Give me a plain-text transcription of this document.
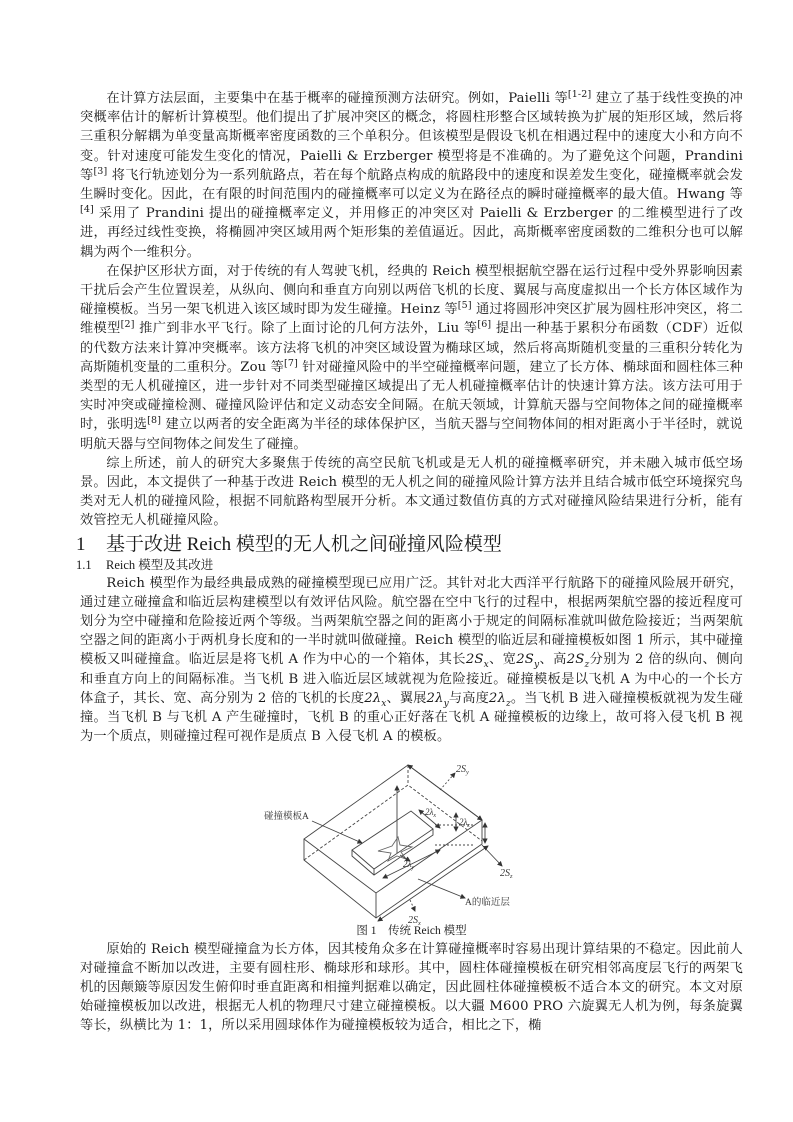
在计算方法层面，主要集中在基于概率的碰撞预测方法研究。例如，Paielli 等[1-2] 建立了基于线性变换的冲突概率估计的解析计算模型。他们提出了扩展冲突区的概念，将圆柱形整合区域转换为扩展的矩形区域，然后将三重积分解耦为单变量高斯概率密度函数的三个单积分。但该模型是假设飞机在相遇过程中的速度大小和方向不变。针对速度可能发生变化的情况，Paielli & Erzberger 模型将是不准确的。为了避免这个问题，Prandini 等[3] 将飞行轨迹划分为一系列航路点，若在每个航路点构成的航路段中的速度和误差发生变化，碰撞概率就会发生瞬时变化。因此，在有限的时间范围内的碰撞概率可以定义为在路径点的瞬时碰撞概率的最大值。Hwang 等[4] 采用了 Prandini 提出的碰撞概率定义，并用修正的冲突区对 Paielli & Erzberger 的二维模型进行了改进，再经过线性变换，将椭圆冲突区域用两个矩形集的差值逼近。因此，高斯概率密度函数的二维积分也可以解耦为两个一维积分。

在保护区形状方面，对于传统的有人驾驶飞机，经典的 Reich 模型根据航空器在运行过程中受外界影响因素干扰后会产生位置误差，从纵向、侧向和垂直方向别以两倍飞机的长度、翼展与高度虚拟出一个长方体区域作为碰撞模板。当另一架飞机进入该区域时即为发生碰撞。Heinz 等[5] 通过将圆形冲突区扩展为圆柱形冲突区，将二维模型[2] 推广到非水平飞行。除了上面讨论的几何方法外，Liu 等[6] 提出一种基于累积分布函数（CDF）近似的代数方法来计算冲突概率。该方法将飞机的冲突区域设置为椭球区域，然后将高斯随机变量的三重积分转化为高斯随机变量的二重积分。Zou 等[7] 针对碰撞风险中的半空碰撞概率问题，建立了长方体、椭球面和圆柱体三种类型的无人机碰撞区，进一步针对不同类型碰撞区域提出了无人机碰撞概率估计的快速计算方法。该方法可用于实时冲突或碰撞检测、碰撞风险评估和定义动态安全间隔。在航天领域，计算航天器与空间物体之间的碰撞概率时，张明选[8] 建立以两者的安全距离为半径的球体保护区，当航天器与空间物体间的相对距离小于半径时，就说明航天器与空间物体之间发生了碰撞。

综上所述，前人的研究大多聚焦于传统的高空民航飞机或是无人机的碰撞概率研究，并未融入城市低空场景。因此，本文提供了一种基于改进 Reich 模型的无人机之间的碰撞风险计算方法并且结合城市低空环境探究鸟类对无人机的碰撞风险，根据不同航路构型展开分析。本文通过数值仿真的方式对碰撞风险结果进行分析，能有效管控无人机碰撞风险。

1 基于改进 Reich 模型的无人机之间碰撞风险模型
1.1 Reich 模型及其改进

Reich 模型作为最经典最成熟的碰撞模型现已应用广泛。其针对北大西洋平行航路下的碰撞风险展开研究，通过建立碰撞盒和临近层构建模型以有效评估风险。航空器在空中飞行的过程中，根据两架航空器的接近程度可划分为空中碰撞和危险接近两个等级。当两架航空器之间的距离小于规定的间隔标准就叫做危险接近；当两架航空器之间的距离小于两机身长度和的一半时就叫做碰撞。Reich 模型的临近层和碰撞模板如图 1 所示，其中碰撞模板又叫碰撞盒。临近层是将飞机 A 作为中心的一个箱体，其长$2S_x$、宽$2S_y$、高$2S_z$分别为 2 倍的纵向、侧向和垂直方向上的间隔标准。当飞机 B 进入临近层区域就视为危险接近。碰撞模板是以飞机 A 为中心的一个长方体盒子，其长、宽、高分别为 2 倍的飞机的长度$2\lambda_x$、翼展$2\lambda_y$与高度$2\lambda_z$。当飞机 B 进入碰撞模板就视为发生碰撞。当飞机 B 与飞机 A 产生碰撞时，飞机 B 的重心正好落在飞机 A 碰撞模板的边缘上，故可将入侵飞机 B 视为一个质点，则碰撞过程可视作是质点 B 入侵飞机 A 的模板。

碰撞模板A
A的临近层
$2S_y$
$2S_z$
$2S_x$
$2\lambda_x$
$2\lambda_z$
$2\lambda_y$

图 1　传统 Reich 模型

原始的 Reich 模型碰撞盒为长方体，因其棱角众多在计算碰撞概率时容易出现计算结果的不稳定。因此前人对碰撞盒不断加以改进，主要有圆柱形、椭球形和球形。其中，圆柱体碰撞模板在研究相邻高度层飞行的两架飞机的因颠簸等原因发生俯仰时垂直距离和相撞判据难以确定，因此圆柱体碰撞模板不适合本文的研究。本文对原始碰撞模板加以改进，根据无人机的物理尺寸建立碰撞模板。以大疆 M600 PRO 六旋翼无人机为例，每条旋翼等长，纵横比为 1：1，所以采用圆球体作为碰撞模板较为适合，相比之下，椭
